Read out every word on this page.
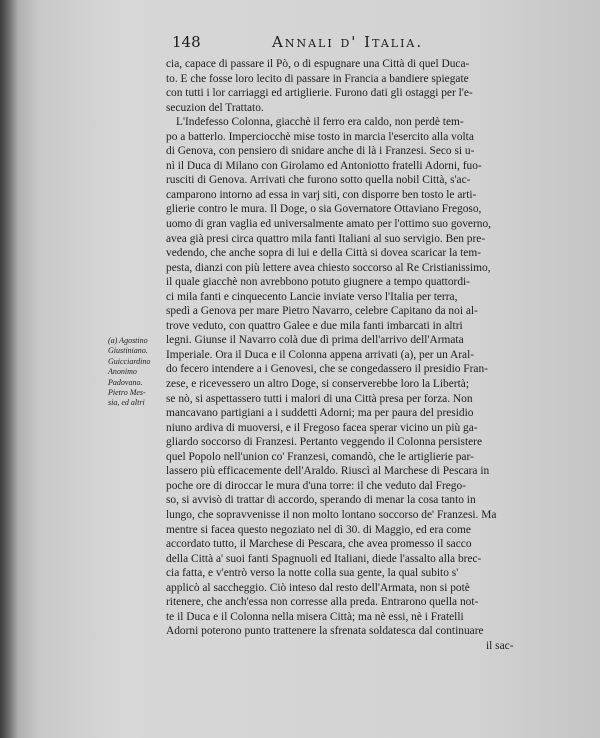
148	Annali d' Italia.
cia, capace di passare il Pò, o di espugnare una Città di quel Duca-
to. E che fosse loro lecito di passare in Francia a bandiere spiegate
con tutti i lor carriaggi ed artiglierie. Furono dati gli ostaggi per l'e-
secuzion del Trattato.
L'Indefesso Colonna, giacchè il ferro era caldo, non perdè tem-
po a batterlo. Imperciocchè mise tosto in marcia l'esercito alla volta
di Genova, con pensiero di snidare anche di là i Franzesi. Seco si u-
nì il Duca di Milano con Girolamo ed Antoniotto fratelli Adorni, fuo-
rusciti di Genova. Arrivati che furono sotto quella nobil Città, s'ac-
camparono intorno ad essa in varj siti, con disporre ben tosto le arti-
glierie contro le mura. Il Doge, o sia Governatore Ottaviano Fregoso,
uomo di gran vaglia ed universalmente amato per l'ottimo suo governo,
avea già presi circa quattro mila fanti Italiani al suo servigio. Ben pre-
vedendo, che anche sopra di lui e della Città si dovea scaricar la tem-
pesta, dianzi con più lettere avea chiesto soccorso al Re Cristianissimo,
il quale giacchè non avrebbono potuto giugnere a tempo quattordi-
ci mila fanti e cinquecento Lancie inviate verso l'Italia per terra,
spedì a Genova per mare Pietro Navarro, celebre Capitano da noi al-
trove veduto, con quattro Galee e due mila fanti imbarcati in altri
legni. Giunse il Navarro colà due dì prima dell'arrivo dell'Armata
Imperiale. Ora il Duca e il Colonna appena arrivati (a), per un Aral-
do fecero intendere a i Genovesi, che se congedassero il presidio Fran-
zese, e ricevessero un altro Doge, si conserverebbe loro la Libertà;
se nò, si aspettassero tutti i malori di una Città presa per forza. Non
mancavano partigiani a i suddetti Adorni; ma per paura del presidio
niuno ardiva di muoversi, e il Fregoso facea sperar vicino un più ga-
gliardo soccorso di Franzesi. Pertanto veggendo il Colonna persistere
quel Popolo nell'union co' Franzesi, comandò, che le artiglierie par-
lassero più efficacemente dell'Araldo. Riuscì al Marchese di Pescara in
poche ore di diroccar le mura d'una torre: il che veduto dal Frego-
so, si avvisò di trattar di accordo, sperando di menar la cosa tanto in
lungo, che sopravvenisse il non molto lontano soccorso de' Franzesi. Ma
mentre si facea questo negoziato nel dì 30. di Maggio, ed era come
accordato tutto, il Marchese di Pescara, che avea promesso il sacco
della Città a' suoi fanti Spagnuoli ed Italiani, diede l'assalto alla brec-
cia fatta, e v'entrò verso la notte colla sua gente, la qual subito s'
applicò al saccheggio. Ciò inteso dal resto dell'Armata, non si potè
ritenere, che anch'essa non corresse alla preda. Entrarono quella not-
te il Duca e il Colonna nella misera Città; ma nè essi, nè i Fratelli
Adorni poterono punto trattenere la sfrenata soldatesca dal continuare
il sac-
(a) Agostino
Giustiniano.
Guicciardino
Anonimo
Padovano.
Pietro Mes-
sia, ed altri
